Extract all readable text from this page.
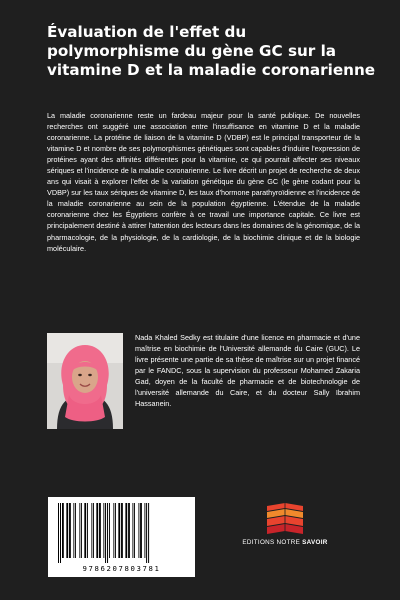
Évaluation de l'effet du polymorphisme du gène GC sur la vitamine D et la maladie coronarienne

La maladie coronarienne reste un fardeau majeur pour la santé publique. De nouvelles recherches ont suggéré une association entre l'insuffisance en vitamine D et la maladie coronarienne. La protéine de liaison de la vitamine D (VDBP) est le principal transporteur de la vitamine D et nombre de ses polymorphismes génétiques sont capables d'induire l'expression de protéines ayant des affinités différentes pour la vitamine, ce qui pourrait affecter ses niveaux sériques et l'incidence de la maladie coronarienne. Le livre décrit un projet de recherche de deux ans qui visait à explorer l'effet de la variation génétique du gène GC (le gène codant pour la VDBP) sur les taux sériques de vitamine D, les taux d'hormone parathyroïdienne et l'incidence de la maladie coronarienne au sein de la population égyptienne. L'étendue de la maladie coronarienne chez les Égyptiens confère à ce travail une importance capitale. Ce livre est principalement destiné à attirer l'attention des lecteurs dans les domaines de la génomique, de la pharmacologie, de la physiologie, de la cardiologie, de la biochimie clinique et de la biologie moléculaire.

Nada Khaled Sedky est titulaire d'une licence en pharmacie et d'une maîtrise en biochimie de l'Université allemande du Caire (GUC). Le livre présente une partie de sa thèse de maîtrise sur un projet financé par le FANDC, sous la supervision du professeur Mohamed Zakaria Gad, doyen de la faculté de pharmacie et de biotechnologie de l'université allemande du Caire, et du docteur Sally Ibrahim Hassanein.

EDITIONS NOTRE SAVOIR
9786207803781
